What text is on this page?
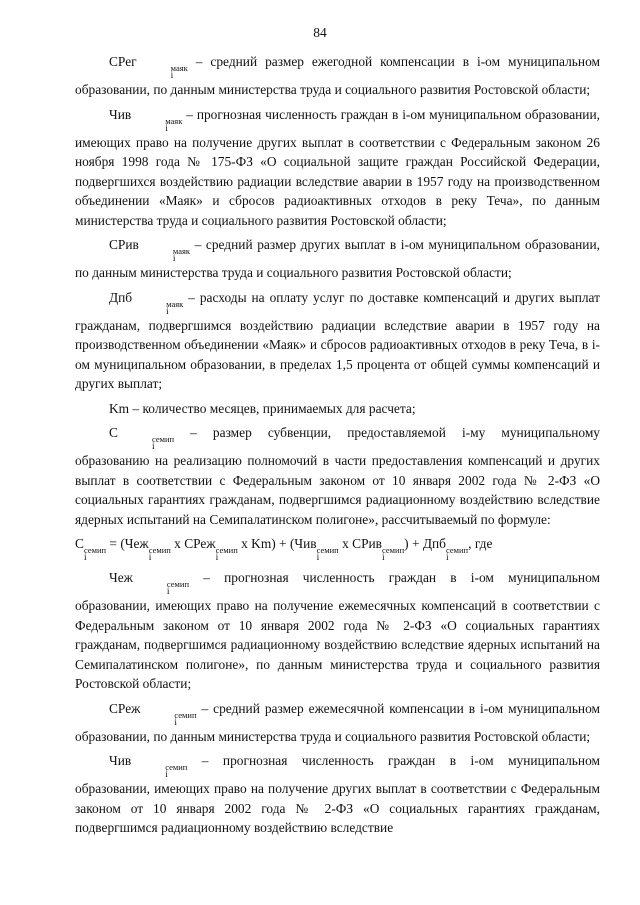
84

СРег	маяк
i
– средний размер ежегодной компенсации в i-ом муниципальном образовании, по данным министерства труда и социального развития Ростовской области;

Чив	маяк
i
– прогнозная численность граждан в i-ом муниципальном образовании, имеющих право на получение других выплат в соответствии с Федеральным законом 26 ноября 1998 года № 175-ФЗ «О социальной защите граждан Российской Федерации, подвергшихся воздействию радиации вследствие аварии в 1957 году на производственном объединении «Маяк» и сбросов радиоактивных отходов в реку Теча», по данным министерства труда и социального развития Ростовской области;

СРив	маяк
i
– средний размер других выплат в i-ом муниципальном образовании, по данным министерства труда и социального развития Ростовской области;

Дпб	маяк
i
– расходы на оплату услуг по доставке компенсаций и других выплат гражданам, подвергшимся воздействию радиации вследствие аварии в 1957 году на производственном объединении «Маяк» и сбросов радиоактивных отходов в реку Теча, в i-ом муниципальном образовании, в пределах 1,5 процента от общей суммы компенсаций и других выплат;

Km – количество месяцев, принимаемых для расчета;

С	семип
i
– размер субвенции, предоставляемой i-му муниципальному образованию на реализацию полномочий в части предоставления компенсаций и других выплат в соответствии с Федеральным законом от 10 января 2002 года № 2-ФЗ «О социальных гарантиях гражданам, подвергшимся радиационному воздействию вследствие ядерных испытаний на Семипалатинском полигоне», рассчитываемый по формуле:

С семип
i
= (Чеж семип
i
x СРеж семип
i
x Km) + (Чив семип
i
x СРив семип
i
) + Дпб семип
i
, где

Чеж	семип
i
– прогнозная численность граждан в i-ом муниципальном образовании, имеющих право на получение ежемесячных компенсаций в соответствии с Федеральным законом от 10 января 2002 года № 2-ФЗ «О социальных гарантиях гражданам, подвергшимся радиационному воздействию вследствие ядерных испытаний на Семипалатинском полигоне», по данным министерства труда и социального развития Ростовской области;

СРеж	семип
i
– средний размер ежемесячной компенсации в i-ом муниципальном образовании, по данным министерства труда и социального развития Ростовской области;

Чив	семип
i
– прогнозная численность граждан в i-ом муниципальном образовании, имеющих право на получение других выплат в соответствии с Федеральным законом от 10 января 2002 года № 2-ФЗ «О социальных гарантиях гражданам, подвергшимся радиационному воздействию вследствие
